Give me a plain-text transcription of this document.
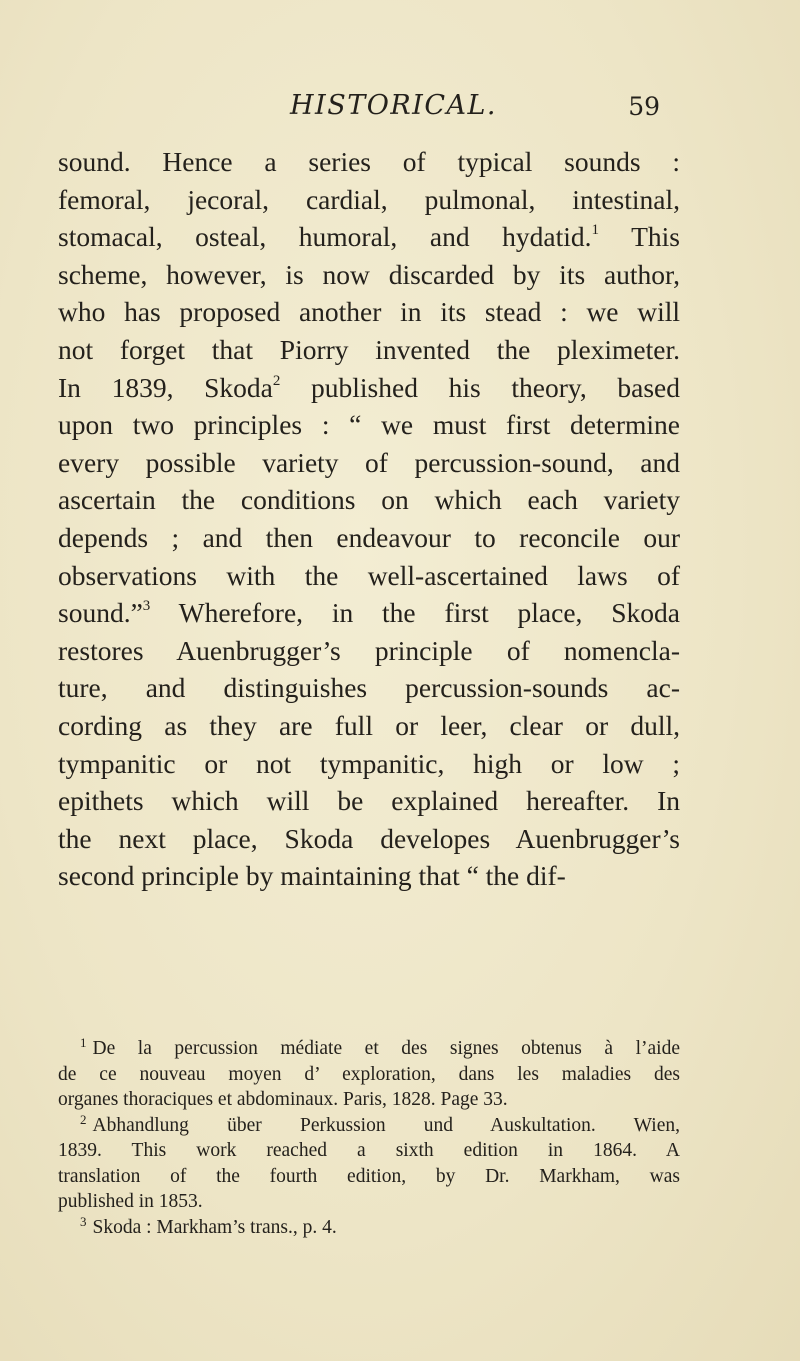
HISTORICAL.	59
sound. Hence a series of typical sounds :
femoral, jecoral, cardial, pulmonal, intestinal,
stomacal, osteal, humoral, and hydatid.$^1$ This
scheme, however, is now discarded by its author,
who has proposed another in its stead : we will
not forget that Piorry invented the pleximeter.
In 1839, Skoda$^2$ published his theory, based
upon two principles : “ we must first determine
every possible variety of percussion-sound, and
ascertain the conditions on which each variety
depends ; and then endeavour to reconcile our
observations with the well-ascertained laws of
sound.”$^3$ Wherefore, in the first place, Skoda
restores Auenbrugger’s principle of nomencla-
ture, and distinguishes percussion-sounds ac-
cording as they are full or leer, clear or dull,
tympanitic or not tympanitic, high or low ;
epithets which will be explained hereafter. In
the next place, Skoda developes Auenbrugger’s
second principle by maintaining that “ the dif-
$^1$ De la percussion médiate et des signes obtenus à l’aide
de ce nouveau moyen d’ exploration, dans les maladies des
organes thoraciques et abdominaux. Paris, 1828. Page 33.
$^2$ Abhandlung über Perkussion und Auskultation. Wien,
1839. This work reached a sixth edition in 1864. A
translation of the fourth edition, by Dr. Markham, was
published in 1853.
$^3$ Skoda : Markham’s trans., p. 4.
